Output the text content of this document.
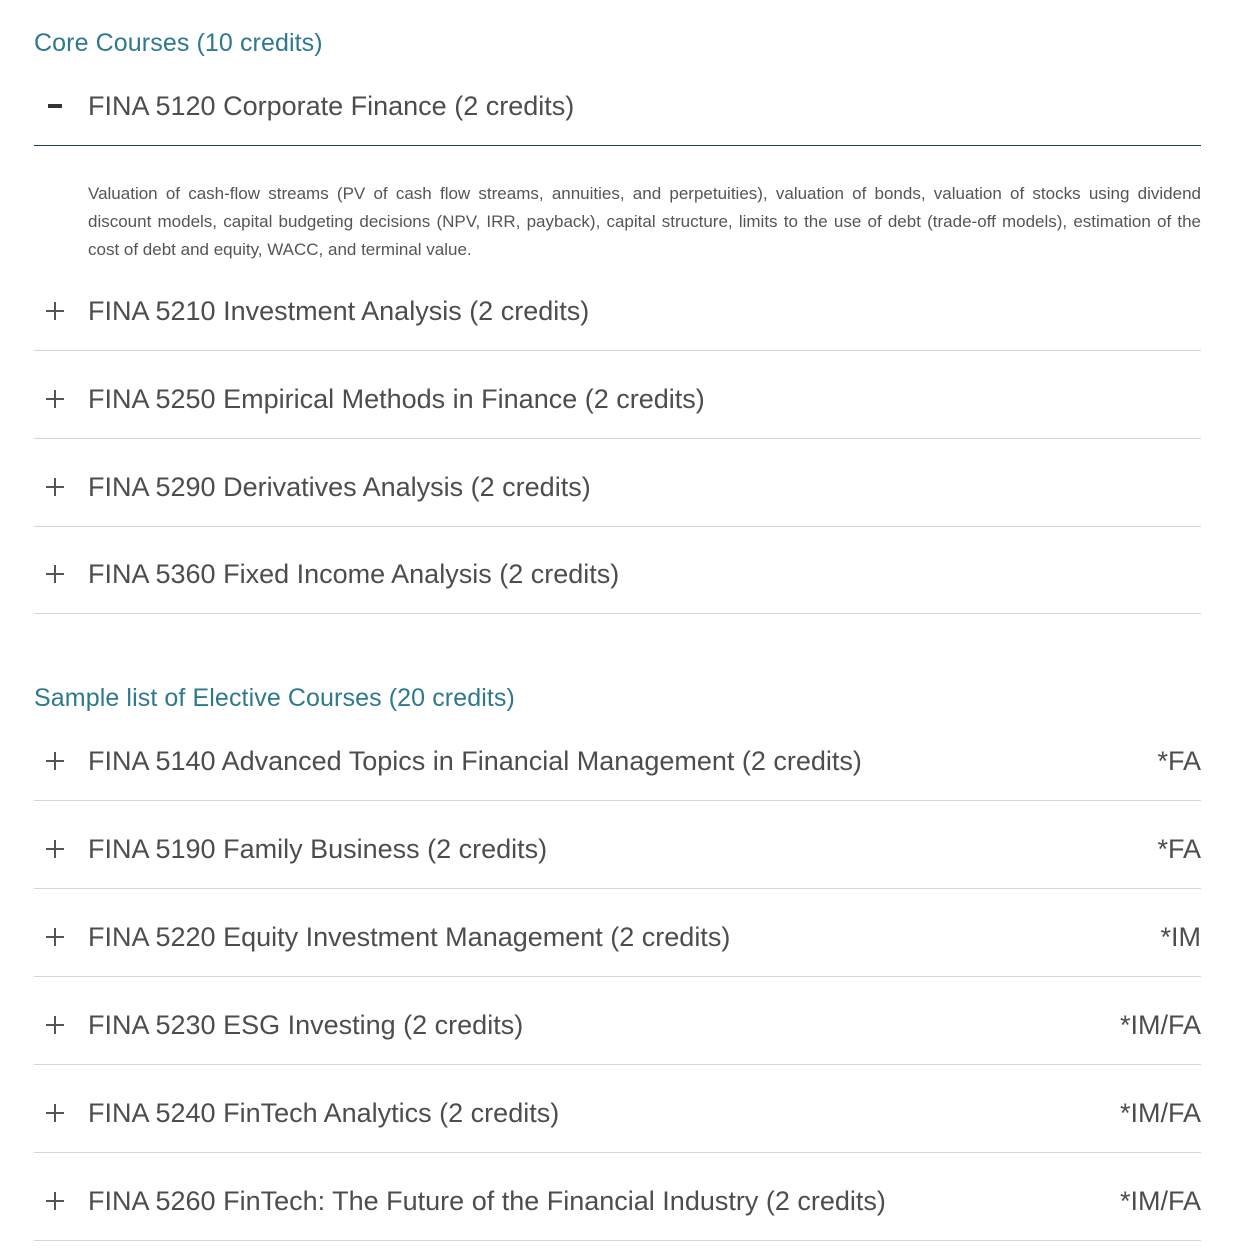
Core Courses (10 credits)
FINA 5120 Corporate Finance (2 credits)
Valuation of cash-flow streams (PV of cash flow streams, annuities, and perpetuities), valuation of bonds, valuation of stocks using dividend discount models, capital budgeting decisions (NPV, IRR, payback), capital structure, limits to the use of debt (trade-off models), estimation of the cost of debt and equity, WACC, and terminal value.
FINA 5210 Investment Analysis (2 credits)
FINA 5250 Empirical Methods in Finance (2 credits)
FINA 5290 Derivatives Analysis (2 credits)
FINA 5360 Fixed Income Analysis (2 credits)
Sample list of Elective Courses (20 credits)
FINA 5140 Advanced Topics in Financial Management (2 credits)	*FA
FINA 5190 Family Business (2 credits)	*FA
FINA 5220 Equity Investment Management (2 credits)	*IM
FINA 5230 ESG Investing (2 credits)	*IM/FA
FINA 5240 FinTech Analytics (2 credits)	*IM/FA
FINA 5260 FinTech: The Future of the Financial Industry (2 credits)	*IM/FA
